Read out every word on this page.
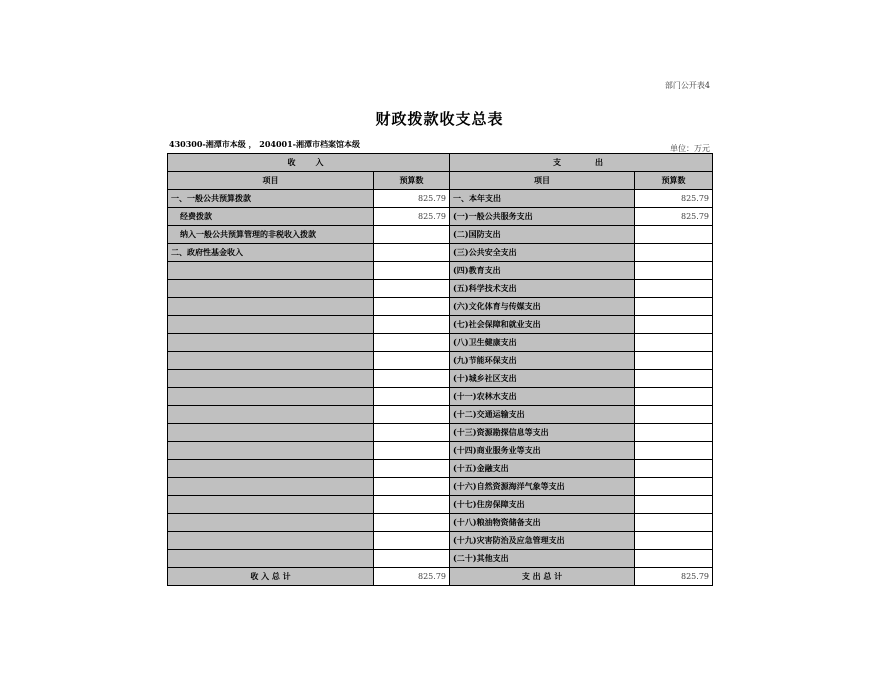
部门公开表4
财政拨款收支总表
430300-湘潭市本级 ， 204001-湘潭市档案馆本级	单位：万元
收　入		支　　出	
项目	预算数	项目	预算数
一、一般公共预算拨款	825.79	一、本年支出	825.79
经费拨款	825.79	(一)一般公共服务支出	825.79
纳入一般公共预算管理的非税收入拨款		(二)国防支出	
二、政府性基金收入		(三)公共安全支出	
		(四)教育支出	
		(五)科学技术支出	
		(六)文化体育与传媒支出	
		(七)社会保障和就业支出	
		(八)卫生健康支出	
		(九)节能环保支出	
		(十)城乡社区支出	
		(十一)农林水支出	
		(十二)交通运输支出	
		(十三)资源勘探信息等支出	
		(十四)商业服务业等支出	
		(十五)金融支出	
		(十六)自然资源海洋气象等支出	
		(十七)住房保障支出	
		(十八)粮油物资储备支出	
		(十九)灾害防治及应急管理支出	
		(二十)其他支出	
收 入 总 计	825.79	支 出 总 计	825.79
